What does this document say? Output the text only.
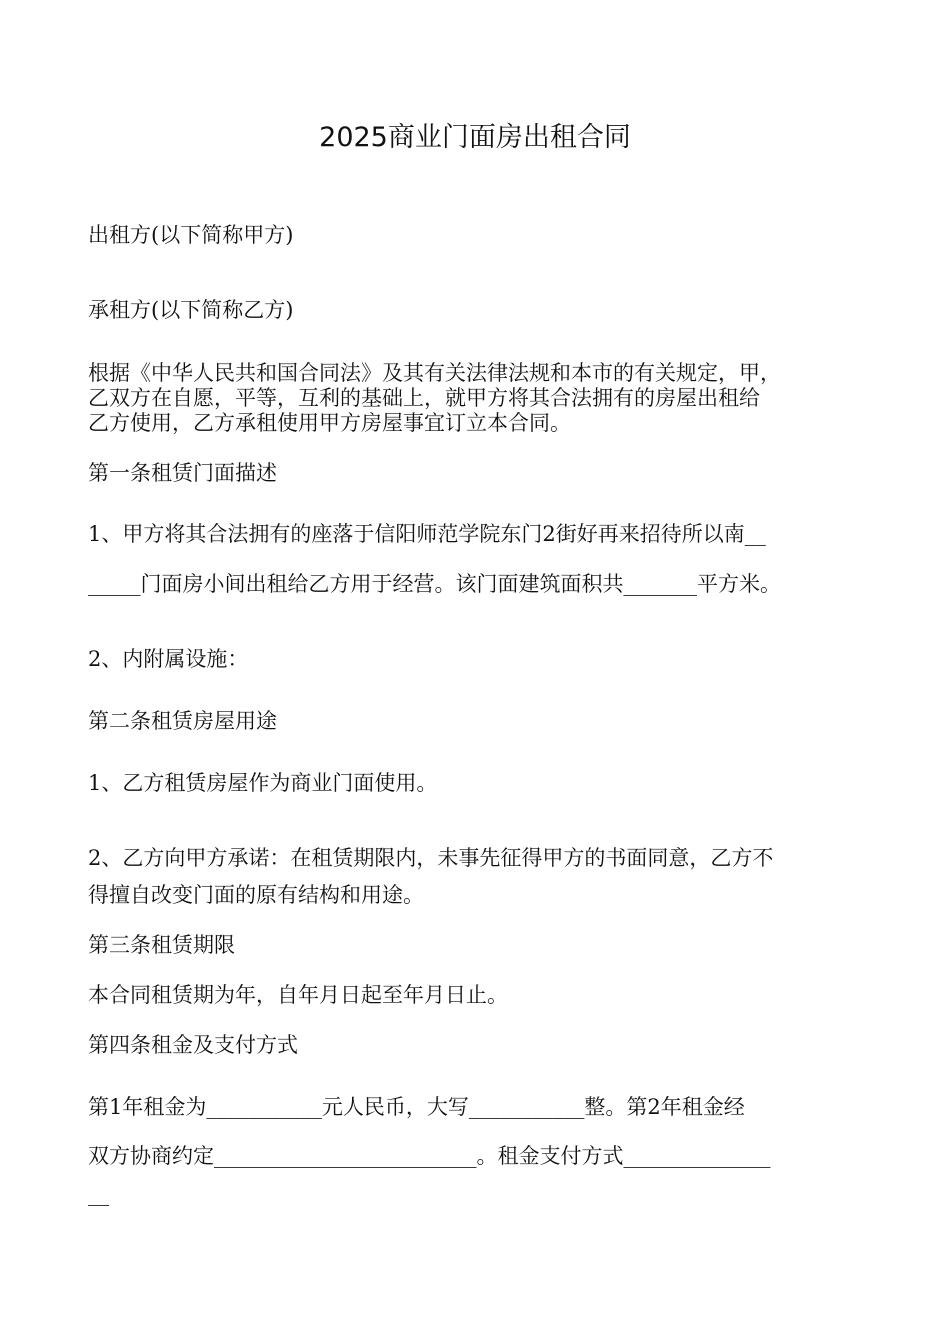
2025商业门面房出租合同

出租方(以下简称甲方)

承租方(以下简称乙方)

根据《中华人民共和国合同法》及其有关法律法规和本市的有关规定，甲，

乙双方在自愿，平等，互利的基础上，就甲方将其合法拥有的房屋出租给

乙方使用，乙方承租使用甲方房屋事宜订立本合同。

第一条租赁门面描述

1、甲方将其合法拥有的座落于信阳师范学院东门2街好再来招待所以南__

_____门面房小间出租给乙方用于经营。该门面建筑面积共_______平方米。

2、内附属设施：

第二条租赁房屋用途

1、乙方租赁房屋作为商业门面使用。

2、乙方向甲方承诺：在租赁期限内，未事先征得甲方的书面同意，乙方不

得擅自改变门面的原有结构和用途。

第三条租赁期限

本合同租赁期为年，自年月日起至年月日止。

第四条租金及支付方式

第1年租金为___________元人民币，大写___________整。第2年租金经

双方协商约定_________________________。租金支付方式______________

__
